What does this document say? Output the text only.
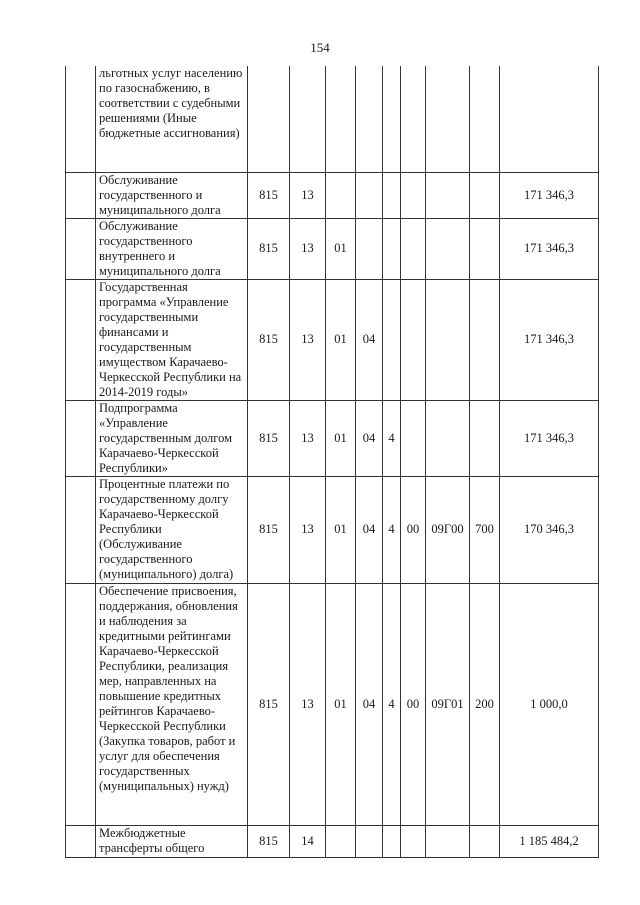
154
	льготных услуг населению по газоснабжению, в соответствии с судебными решениями (Иные бюджетные ассигнования)									
	Обслуживание государственного и муниципального долга	815	13							171 346,3
	Обслуживание государственного внутреннего и муниципального долга	815	13	01						171 346,3
	Государственная программа «Управление государственными финансами и государственным имуществом Карачаево-Черкесской Республики на 2014-2019 годы»	815	13	01	04					171 346,3
	Подпрограмма «Управление государственным долгом Карачаево-Черкесской Республики»	815	13	01	04	4				171 346,3
	Процентные платежи по государственному долгу Карачаево-Черкесской Республики (Обслуживание государственного (муниципального) долга)	815	13	01	04	4	00	09Г00	700	170 346,3
	Обеспечение присвоения, поддержания, обновления и наблюдения за кредитными рейтингами Карачаево-Черкесской Республики, реализация мер, направленных на повышение кредитных рейтингов Карачаево-Черкесской Республики (Закупка товаров, работ и услуг для обеспечения государственных (муниципальных) нужд)	815	13	01	04	4	00	09Г01	200	1 000,0
	Межбюджетные трансферты общего	815	14							1 185 484,2
